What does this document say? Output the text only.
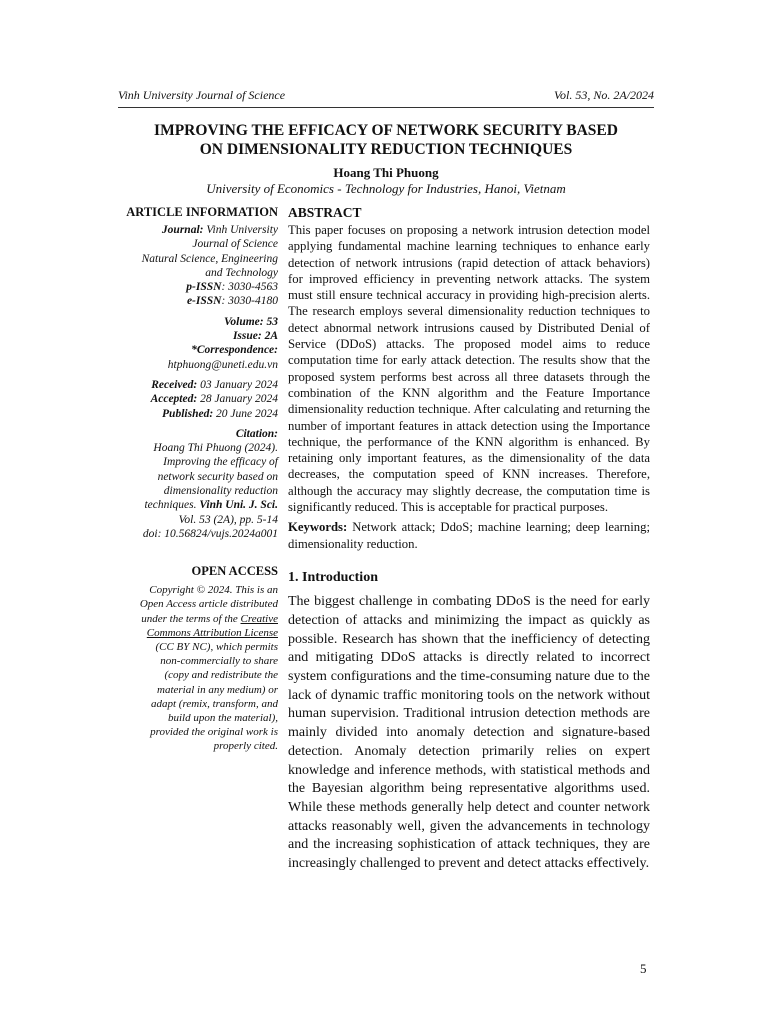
Vinh University Journal of Science	Vol. 53, No. 2A/2024
IMPROVING THE EFFICACY OF NETWORK SECURITY BASED
ON DIMENSIONALITY REDUCTION TECHNIQUES
Hoang Thi Phuong
University of Economics - Technology for Industries, Hanoi, Vietnam
ARTICLE INFORMATION
Journal: Vinh University
Journal of Science
Natural Science, Engineering
and Technology
p-ISSN: 3030-4563
e-ISSN: 3030-4180
Volume: 53
Issue: 2A
*Correspondence:
htphuong@uneti.edu.vn
Received: 03 January 2024
Accepted: 28 January 2024
Published: 20 June 2024
Citation:
Hoang Thi Phuong (2024).
Improving the efficacy of
network security based on
dimensionality reduction
techniques. Vinh Uni. J. Sci.
Vol. 53 (2A), pp. 5-14
doi: 10.56824/vujs.2024a001
OPEN ACCESS
Copyright © 2024. This is an
Open Access article distributed
under the terms of the Creative
Commons Attribution License
(CC BY NC), which permits
non-commercially to share
(copy and redistribute the
material in any medium) or
adapt (remix, transform, and
build upon the material),
provided the original work is
properly cited.
ABSTRACT

This paper focuses on proposing a network intrusion detection model applying fundamental machine learning techniques to enhance early detection of network intrusions (rapid detection of attack behaviors) for improved efficiency in preventing network attacks. The system must still ensure technical accuracy in providing high-precision alerts. The research employs several dimensionality reduction techniques to detect abnormal network intrusions caused by Distributed Denial of Service (DDoS) attacks. The proposed model aims to reduce computation time for early attack detection. The results show that the proposed system performs best across all three datasets through the combination of the KNN algorithm and the Feature Importance dimensionality reduction technique. After calculating and returning the number of important features in attack detection using the Importance technique, the performance of the KNN algorithm is enhanced. By retaining only important features, as the dimensionality of the data decreases, the computation speed of KNN increases. Therefore, although the accuracy may slightly decrease, the computation time is significantly reduced. This is acceptable for practical purposes.

Keywords: Network attack; DdoS; machine learning; deep learning; dimensionality reduction.

1. Introduction

The biggest challenge in combating DDoS is the need for early detection of attacks and minimizing the impact as quickly as possible. Research has shown that the inefficiency of detecting and mitigating DDoS attacks is directly related to incorrect system configurations and the time-consuming nature due to the lack of dynamic traffic monitoring tools on the network without human supervision. Traditional intrusion detection methods are mainly divided into anomaly detection and signature-based detection. Anomaly detection primarily relies on expert knowledge and inference methods, with statistical methods and the Bayesian algorithm being representative algorithms used. While these methods generally help detect and counter network attacks reasonably well, given the advancements in technology and the increasing sophistication of attack techniques, they are increasingly challenged to prevent and detect attacks effectively.

5
